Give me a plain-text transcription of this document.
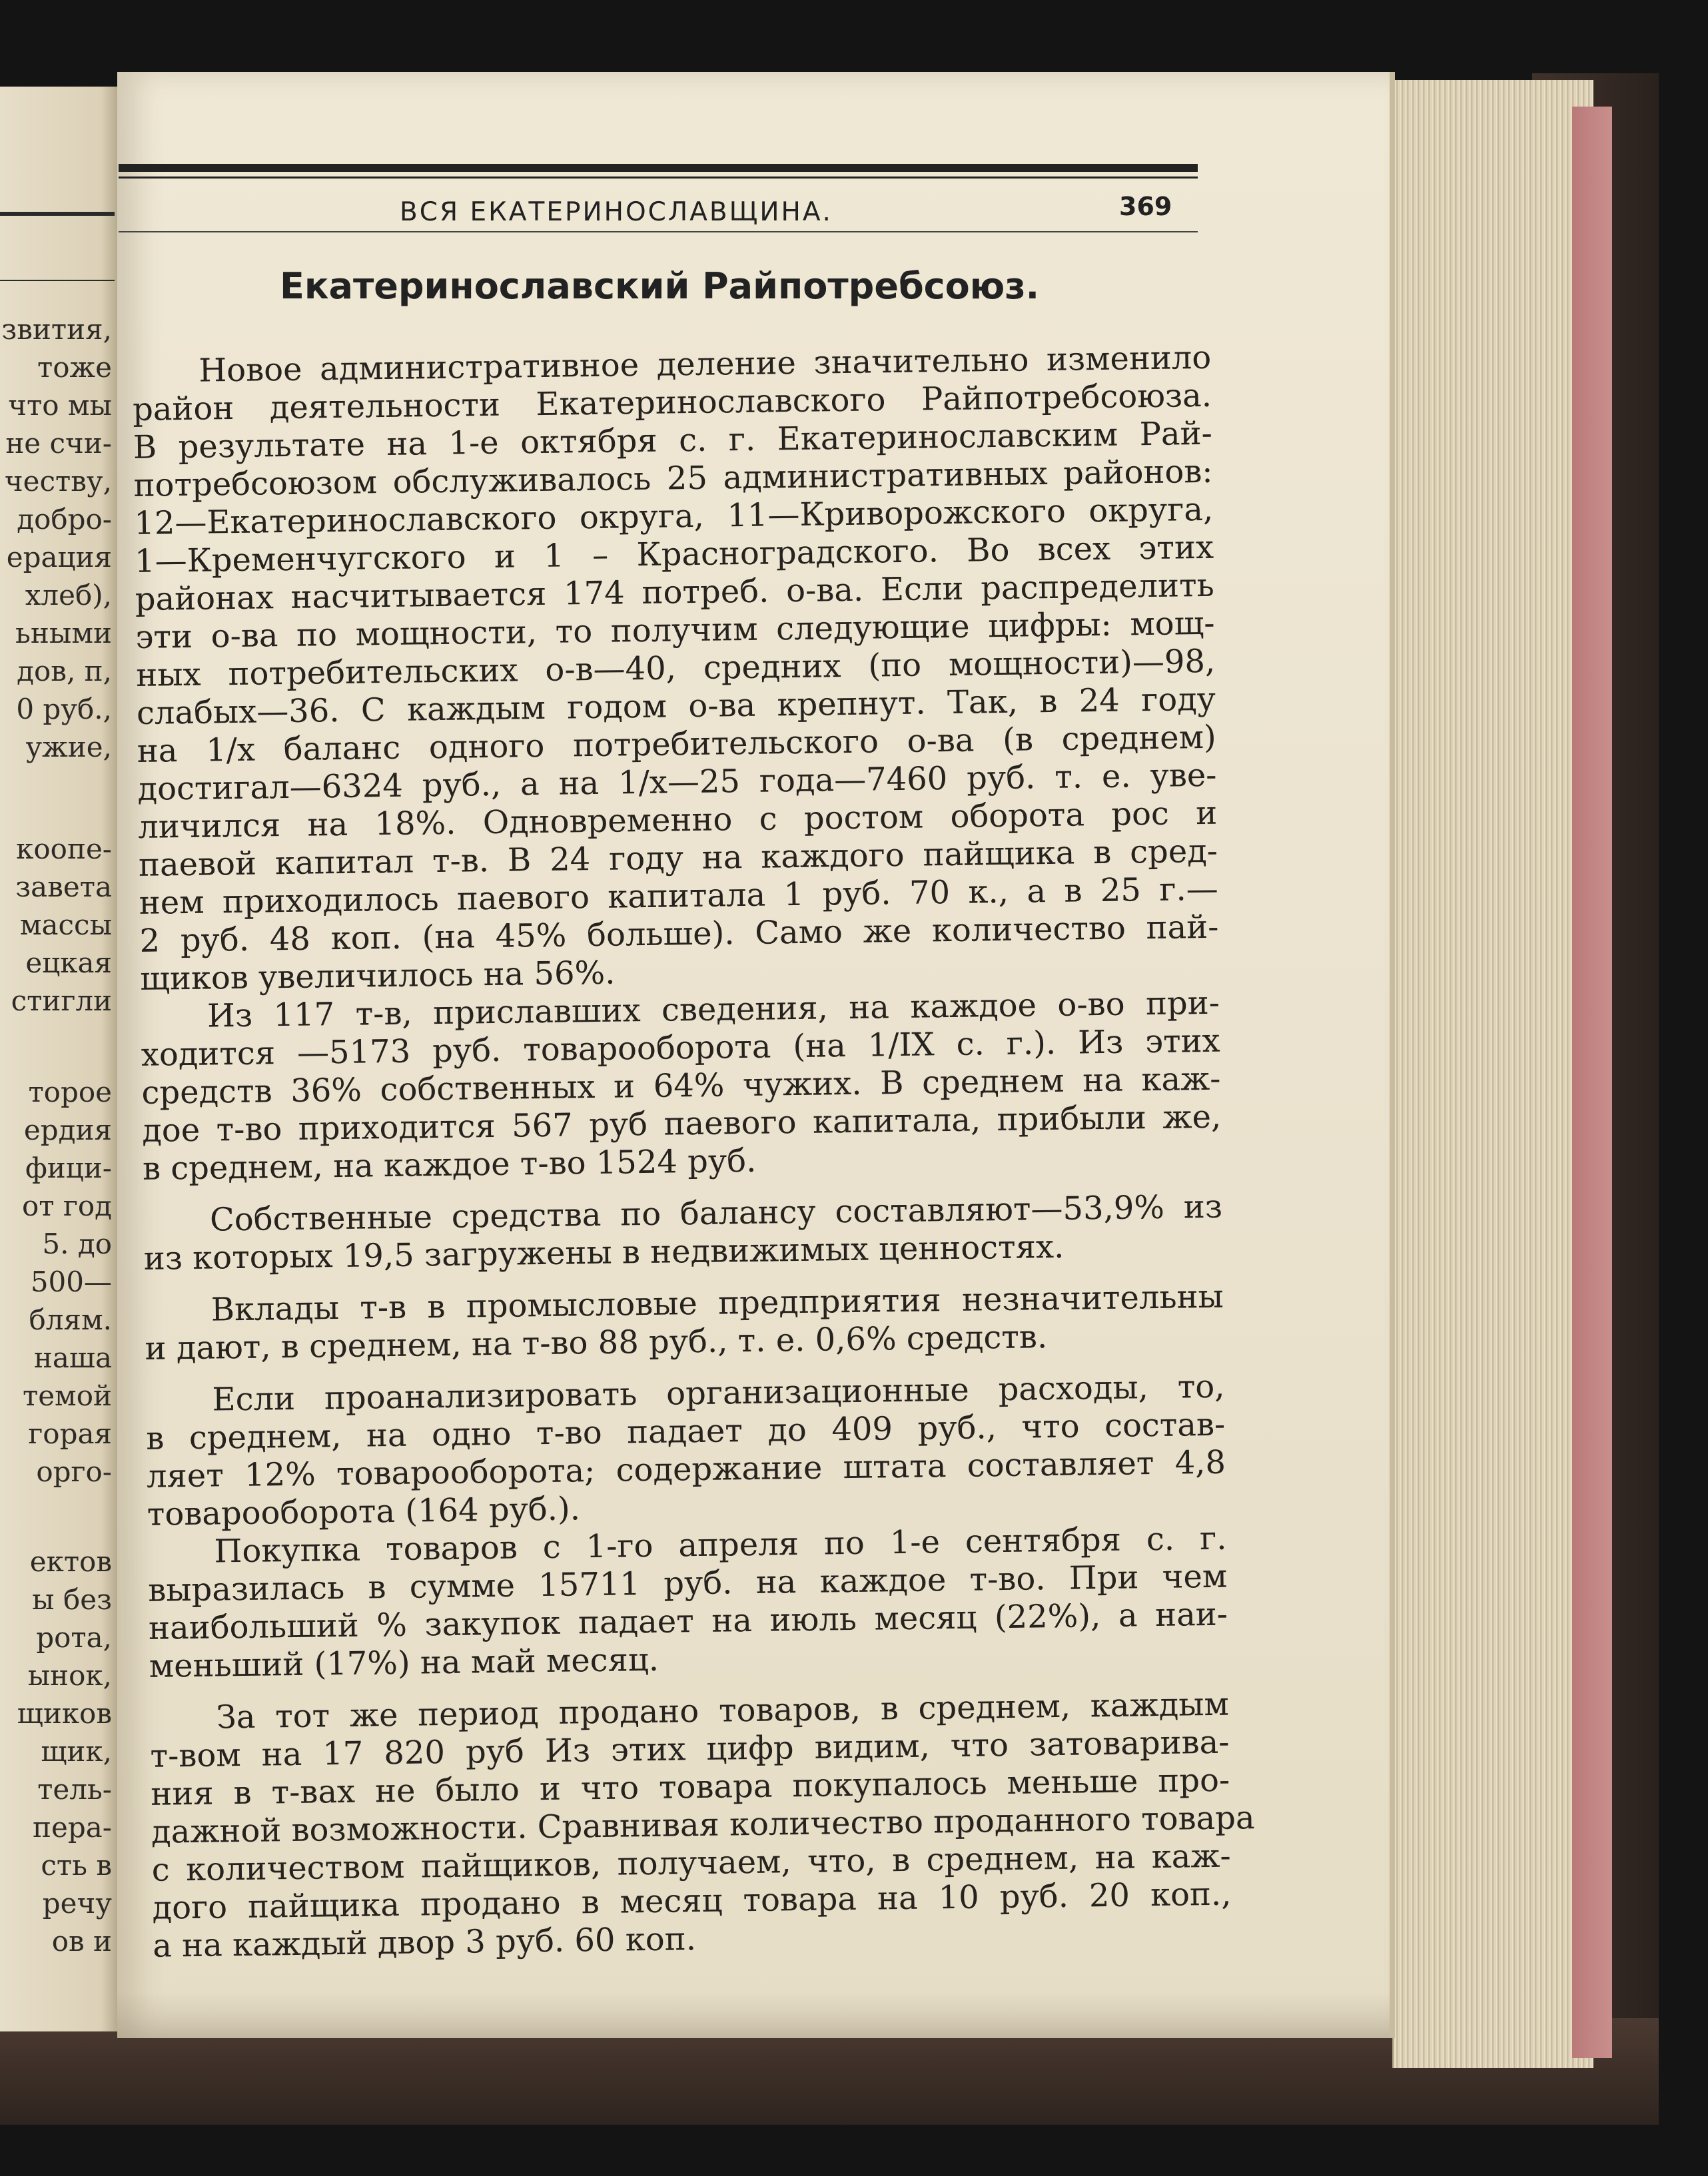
звития,
тоже
что мы
не счи-
честву,
добро-
ерация
хлеб),
ьными
дов, п,
0 руб.,
ужие,
коопе-
завета
массы
ецкая
стигли
торое
ердия
фици-
от год
5. до
500—
блям.
наша
темой
горая
орго-
ектов
ы без
рота,
ынок,
щиков
щик,
тель-
пера-
сть в
речу
ов и
ВСЯ ЕКАТЕРИНОСЛАВЩИНА.	369
Екатеринославский Райпотребсоюз.
Новое административное деление значительно изменило
район деятельности Екатеринославского Райпотребсоюза.
В результате на 1-е октября с. г. Екатеринославским Рай-
потребсоюзом обслуживалось 25 административных районов:
12—Екатеринославского округа, 11—Криворожского округа,
1—Кременчугского и 1 – Красноградского. Во всех этих
районах насчитывается 174 потреб. о-ва. Если распределить
эти о-ва по мощности, то получим следующие цифры: мощ-
ных потребительских о-в—40, средних (по мощности)—98,
слабых—36. С каждым годом о-ва крепнут. Так, в 24 году
на 1/х баланс одного потребительского о-ва (в среднем)
достигал—6324 руб., а на 1/х—25 года—7460 руб. т. е. уве-
личился на 18%. Одновременно с ростом оборота рос и
паевой капитал т-в. В 24 году на каждого пайщика в сред-
нем приходилось паевого капитала 1 руб. 70 к., а в 25 г.—
2 руб. 48 коп. (на 45% больше). Само же количество пай-
щиков увеличилось на 56%.
Из 117 т-в, приславших сведения, на каждое о-во при-
ходится —5173 руб. товарооборота (на 1/IX с. г.). Из этих
средств 36% собственных и 64% чужих. В среднем на каж-
дое т-во приходится 567 руб паевого капитала, прибыли же,
в среднем, на каждое т-во 1524 руб.
Собственные средства по балансу составляют—53,9% из
из которых 19,5 загружены в недвижимых ценностях.
Вклады т-в в промысловые предприятия незначительны
и дают, в среднем, на т-во 88 руб., т. е. 0,6% средств.
Если проанализировать организационные расходы, то,
в среднем, на одно т-во падает до 409 руб., что состав-
ляет 12% товарооборота; содержание штата составляет 4,8
товарооборота (164 руб.).
Покупка товаров с 1-го апреля по 1-е сентября с. г.
выразилась в сумме 15711 руб. на каждое т-во. При чем
наибольший % закупок падает на июль месяц (22%), а наи-
меньший (17%) на май месяц.
За тот же период продано товаров, в среднем, каждым
т-вом на 17 820 руб Из этих цифр видим, что затоварива-
ния в т-вах не было и что товара покупалось меньше про-
дажной возможности. Сравнивая количество проданного товара
с количеством пайщиков, получаем, что, в среднем, на каж-
дого пайщика продано в месяц товара на 10 руб. 20 коп.,
а на каждый двор 3 руб. 60 коп.
